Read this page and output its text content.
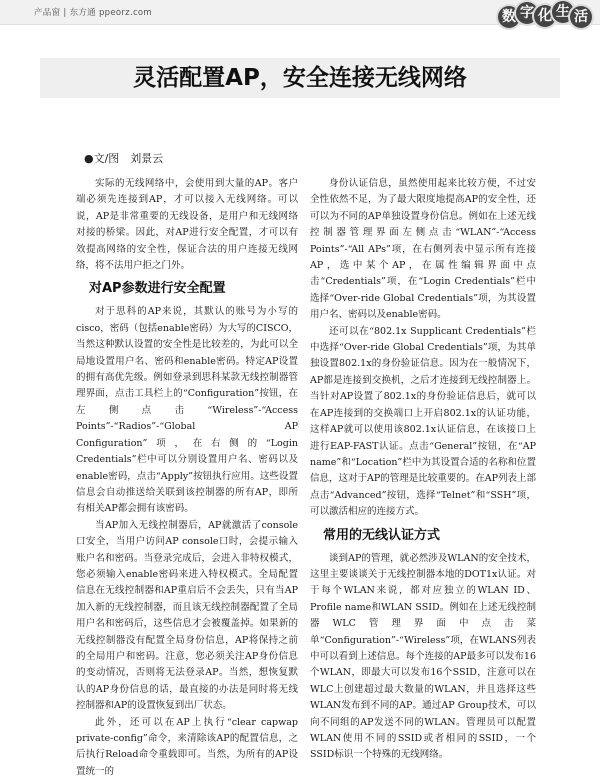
产品窗 | 东方通 ppeorz.com	数 字 化 生 活
灵活配置AP，安全连接无线网络
●文/图　刘景云

实际的无线网络中，会使用到大量的AP。客户端必须先连接到AP，才可以接入无线网络。可以说，AP是非常重要的无线设备，是用户和无线网络对接的桥梁。因此，对AP进行安全配置，才可以有效提高网络的安全性，保证合法的用户连接无线网络，将不法用户拒之门外。

对AP参数进行安全配置

对于思科的AP来说，其默认的账号为小写的cisco，密码（包括enable密码）为大写的CISCO，当然这种默认设置的安全性是比较差的，为此可以全局地设置用户名、密码和enable密码。特定AP设置的拥有高优先级。例如登录到思科某款无线控制器管理界面，点击工具栏上的“Configuration”按钮，在左侧点击“Wireless”-“Access Points”-“Radios”-“Global AP Configuration”项，在右侧的“Login Credentials”栏中可以分别设置用户名、密码以及enable密码，点击“Apply”按钮执行应用。这些设置信息会自动推送给关联到该控制器的所有AP，即所有相关AP都会拥有该密码。

当AP加入无线控制器后，AP就激活了console口安全，当用户访问AP console口时，会提示输入账户名和密码。当登录完成后，会进入非特权模式，您必须输入enable密码来进入特权模式。全局配置信息在无线控制器和AP重启后不会丢失，只有当AP加入新的无线控制器，而且该无线控制器配置了全局用户名和密码后，这些信息才会被覆盖掉。如果新的无线控制器没有配置全局身份信息，AP将保持之前的全局用户和密码。注意，您必须关注AP身份信息的变动情况，否则将无法登录AP。当然，想恢复默认的AP身份信息的话，最直接的办法是同时将无线控制器和AP的设置恢复到出厂状态。

此外，还可以在AP上执行“clear capwap private-config”命令，来清除该AP的配置信息，之后执行Reload命令重载即可。当然，为所有的AP设置统一的

身份认证信息，虽然使用起来比较方便，不过安全性依然不足，为了最大限度地提高AP的安全性，还可以为不同的AP单独设置身份信息。例如在上述无线控制器管理界面左侧点击“WLAN”-“Access Points”-“All APs”项，在右侧列表中显示所有连接AP，选中某个AP，在属性编辑界面中点击“Credentials”项，在“Login Credentials”栏中选择“Over-ride Global Credentials”项，为其设置用户名、密码以及enable密码。

还可以在“802.1x Supplicant Credentials”栏中选择“Over-ride Global Credentials”项，为其单独设置802.1x的身份验证信息。因为在一般情况下，AP都是连接到交换机，之后才连接到无线控制器上。当针对AP设置了802.1x的身份验证信息后，就可以在AP连接到的交换端口上开启802.1x的认证功能，这样AP就可以使用该802.1x认证信息，在该接口上进行EAP-FAST认证。点击“General”按钮，在“AP name”和“Location”栏中为其设置合适的名称和位置信息，这对于AP的管理是比较重要的。在AP列表上部点击“Advanced”按钮，选择“Telnet”和“SSH”项，可以激活相应的连接方式。

常用的无线认证方式

谈到AP的管理，就必然涉及WLAN的安全技术，这里主要谈谈关于无线控制器本地的DOT1x认证。对于每个WLAN来说，都对应独立的WLAN ID、Profile name和WLAN SSID。例如在上述无线控制器WLC管理界面中点击菜单“Configuration”-“Wireless”项，在WLANS列表中可以看到上述信息。每个连接的AP最多可以发布16个WLAN，即最大可以发布16个SSID，注意可以在WLC上创建超过最大数量的WLAN，并且选择这些WLAN发布到不同的AP。通过AP Group技术，可以向不同组的AP发送不同的WLAN。管理员可以配置WLAN使用不同的SSID或者相同的SSID，一个SSID标识一个特殊的无线网络。
